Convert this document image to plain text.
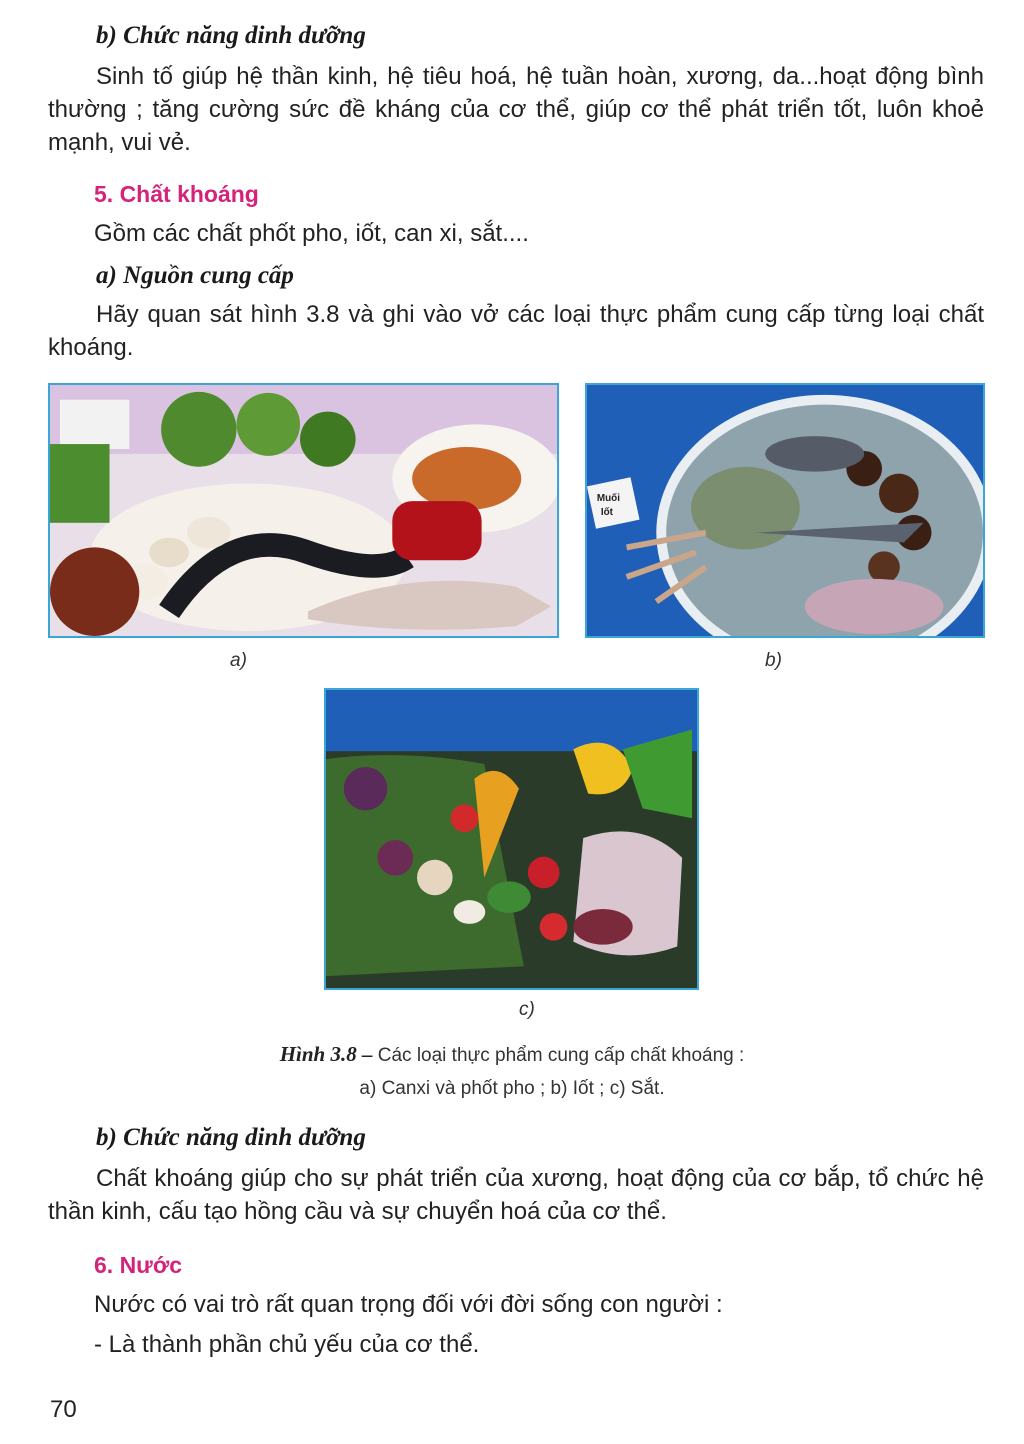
b) Chức năng dinh dưỡng

Sinh tố giúp hệ thần kinh, hệ tiêu hoá, hệ tuần hoàn, xương, da...hoạt động bình thường ; tăng cường sức đề kháng của cơ thể, giúp cơ thể phát triển tốt, luôn khoẻ mạnh, vui vẻ.

5. Chất khoáng
Gồm các chất phốt pho, iốt, can xi, sắt....
a) Nguồn cung cấp

Hãy quan sát hình 3.8 và ghi vào vở các loại thực phẩm cung cấp từng loại chất khoáng.

a)
Muối
Iốt
b)
c)
Hình 3.8 – Các loại thực phẩm cung cấp chất khoáng :
a) Canxi và phốt pho ; b) Iốt ; c) Sắt.
b) Chức năng dinh dưỡng

Chất khoáng giúp cho sự phát triển của xương, hoạt động của cơ bắp, tổ chức hệ thần kinh, cấu tạo hồng cầu và sự chuyển hoá của cơ thể.

6. Nước
Nước có vai trò rất quan trọng đối với đời sống con người :
- Là thành phần chủ yếu của cơ thể.
70
